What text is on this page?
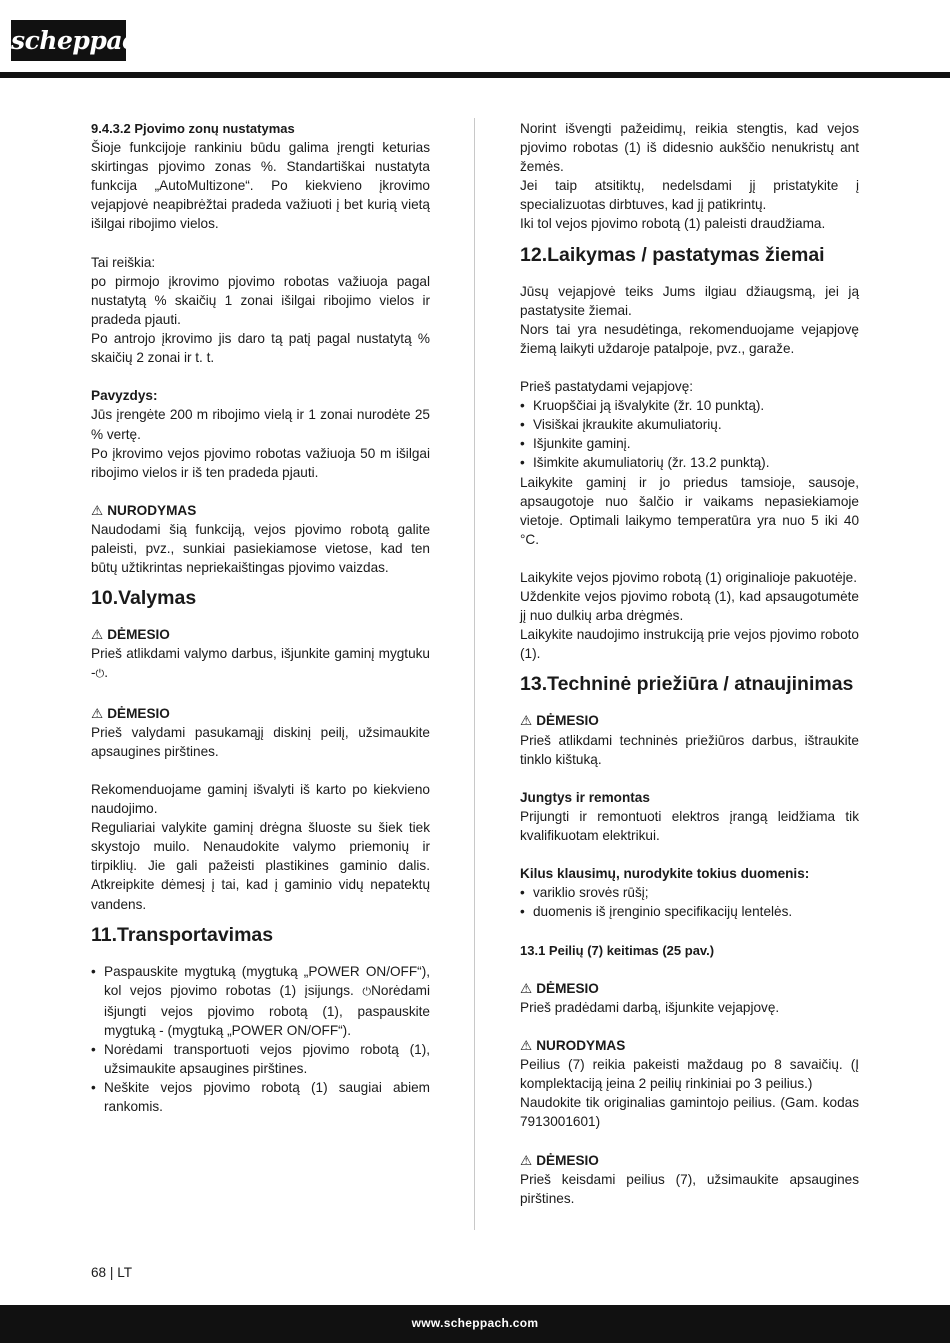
scheppach

9.4.3.2 Pjovimo zonų nustatymas

Šioje funkcijoje rankiniu būdu galima įrengti keturias skirtingas pjovimo zonas %. Standartiškai nustatyta funkcija „AutoMultizone“. Po kiekvieno įkrovimo vejapjovė neapibrėžtai pradeda važiuoti į bet kurią vietą išilgai ribojimo vielos.

Tai reiškia:

po pirmojo įkrovimo pjovimo robotas važiuoja pagal nustatytą % skaičių 1 zonai išilgai ribojimo vielos ir pradeda pjauti.

Po antrojo įkrovimo jis daro tą patį pagal nustatytą % skaičių 2 zonai ir t. t.

Pavyzdys:

Jūs įrengėte 200 m ribojimo vielą ir 1 zonai nurodėte 25 % vertę.

Po įkrovimo vejos pjovimo robotas važiuoja 50 m išilgai ribojimo vielos ir iš ten pradeda pjauti.

⚠ NURODYMAS

Naudodami šią funkciją, vejos pjovimo robotą galite paleisti, pvz., sunkiai pasiekiamose vietose, kad ten būtų užtikrintas nepriekaištingas pjovimo vaizdas.

10.Valymas

⚠ DĖMESIO

Prieš atlikdami valymo darbus, išjunkite gaminį mygtuku -⏻.

⚠ DĖMESIO

Prieš valydami pasukamąjį diskinį peilį, užsimaukite apsaugines pirštines.

Rekomenduojame gaminį išvalyti iš karto po kiekvieno naudojimo.

Reguliariai valykite gaminį drėgna šluoste su šiek tiek skystojo muilo. Nenaudokite valymo priemonių ir tirpiklių. Jie gali pažeisti plastikines gaminio dalis. Atkreipkite dėmesį į tai, kad į gaminio vidų nepatektų vandens.

11.Transportavimas
• Paspauskite mygtuką (mygtuką „POWER ON/OFF“), kol vejos pjovimo robotas (1) įsijungs. ⏻Norėdami išjungti vejos pjovimo robotą (1), paspauskite mygtuką - (mygtuką „POWER ON/OFF“).
• Norėdami transportuoti vejos pjovimo robotą (1), užsimaukite apsaugines pirštines.
• Neškite vejos pjovimo robotą (1) saugiai abiem rankomis.

Norint išvengti pažeidimų, reikia stengtis, kad vejos pjovimo robotas (1) iš didesnio aukščio nenukristų ant žemės.

Jei taip atsitiktų, nedelsdami jį pristatykite į specializuotas dirbtuves, kad jį patikrintų.

Iki tol vejos pjovimo robotą (1) paleisti draudžiama.

12.Laikymas / pastatymas žiemai

Jūsų vejapjovė teiks Jums ilgiau džiaugsmą, jei ją pastatysite žiemai.

Nors tai yra nesudėtinga, rekomenduojame vejapjovę žiemą laikyti uždaroje patalpoje, pvz., garaže.

Prieš pastatydami vejapjovę:

• Kruopščiai ją išvalykite (žr. 10 punktą).
• Visiškai įkraukite akumuliatorių.
• Išjunkite gaminį.
• Išimkite akumuliatorių (žr. 13.2 punktą).

Laikykite gaminį ir jo priedus tamsioje, sausoje, apsaugotoje nuo šalčio ir vaikams nepasiekiamoje vietoje. Optimali laikymo temperatūra yra nuo 5 iki 40 °C.

Laikykite vejos pjovimo robotą (1) originalioje pakuotėje.

Uždenkite vejos pjovimo robotą (1), kad apsaugotumėte jį nuo dulkių arba drėgmės.

Laikykite naudojimo instrukciją prie vejos pjovimo roboto (1).

13.Techninė priežiūra / atnaujinimas

⚠ DĖMESIO

Prieš atlikdami techninės priežiūros darbus, ištraukite tinklo kištuką.

Jungtys ir remontas

Prijungti ir remontuoti elektros įrangą leidžiama tik kvalifikuotam elektrikui.

Kilus klausimų, nurodykite tokius duomenis:

• variklio srovės rūšį;
• duomenis iš įrenginio specifikacijų lentelės.

13.1 Peilių (7) keitimas (25 pav.)

⚠ DĖMESIO

Prieš pradėdami darbą, išjunkite vejapjovę.

⚠ NURODYMAS

Peilius (7) reikia pakeisti maždaug po 8 savaičių. (Į komplektaciją įeina 2 peilių rinkiniai po 3 peilius.)

Naudokite tik originalias gamintojo peilius. (Gam. kodas 7913001601)

⚠ DĖMESIO

Prieš keisdami peilius (7), užsimaukite apsaugines pirštines.

68 | LT
www.scheppach.com
